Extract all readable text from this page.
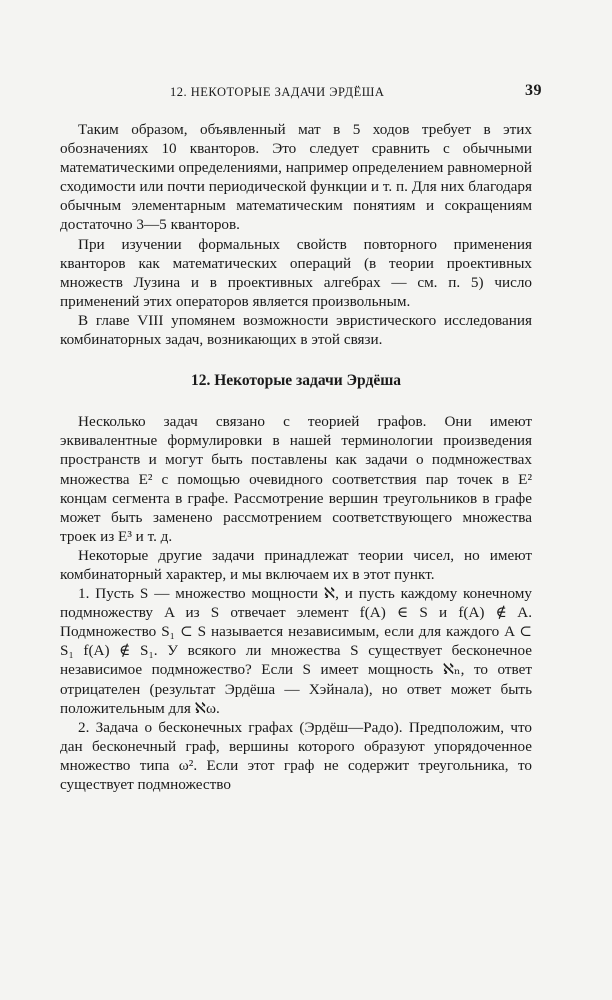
12. НЕКОТОРЫЕ ЗАДАЧИ ЭРДЁША	39

Таким образом, объявленный мат в 5 ходов требует в этих обозначениях 10 кванторов. Это следует сравнить с обычными математическими определениями, например определением равномерной сходимости или почти периодической функции и т. п. Для них благодаря обычным элементарным математическим понятиям и сокращениям достаточно 3—5 кванторов.

При изучении формальных свойств повторного применения кванторов как математических операций (в теории проективных множеств Лузина и в проективных алгебрах — см. п. 5) число применений этих операторов является произвольным.

В главе VIII упомянем возможности эвристического исследования комбинаторных задач, возникающих в этой связи.

12. Некоторые задачи Эрдёша

Несколько задач связано с теорией графов. Они имеют эквивалентные формулировки в нашей терминологии произведения пространств и могут быть поставлены как задачи о подмножествах множества E² с помощью очевидного соответствия пар точек в E² концам сегмента в графе. Рассмотрение вершин треугольников в графе может быть заменено рассмотрением соответствующего множества троек из E³ и т. д.

Некоторые другие задачи принадлежат теории чисел, но имеют комбинаторный характер, и мы включаем их в этот пункт.

1. Пусть S — множество мощности ℵ, и пусть каждому конечному подмножеству A из S отвечает элемент f(A) ∈ S и f(A) ∉ A. Подмножество S₁ ⊂ S называется независимым, если для каждого A ⊂ S₁ f(A) ∉ S₁. У всякого ли множества S существует бесконечное независимое подмножество? Если S имеет мощность ℵₙ, то ответ отрицателен (результат Эрдёша — Хэйнала), но ответ может быть положительным для ℵω.

2. Задача о бесконечных графах (Эрдёш—Радо). Предположим, что дан бесконечный граф, вершины которого образуют упорядоченное множество типа ω². Если этот граф не содержит треугольника, то существует подмножество
